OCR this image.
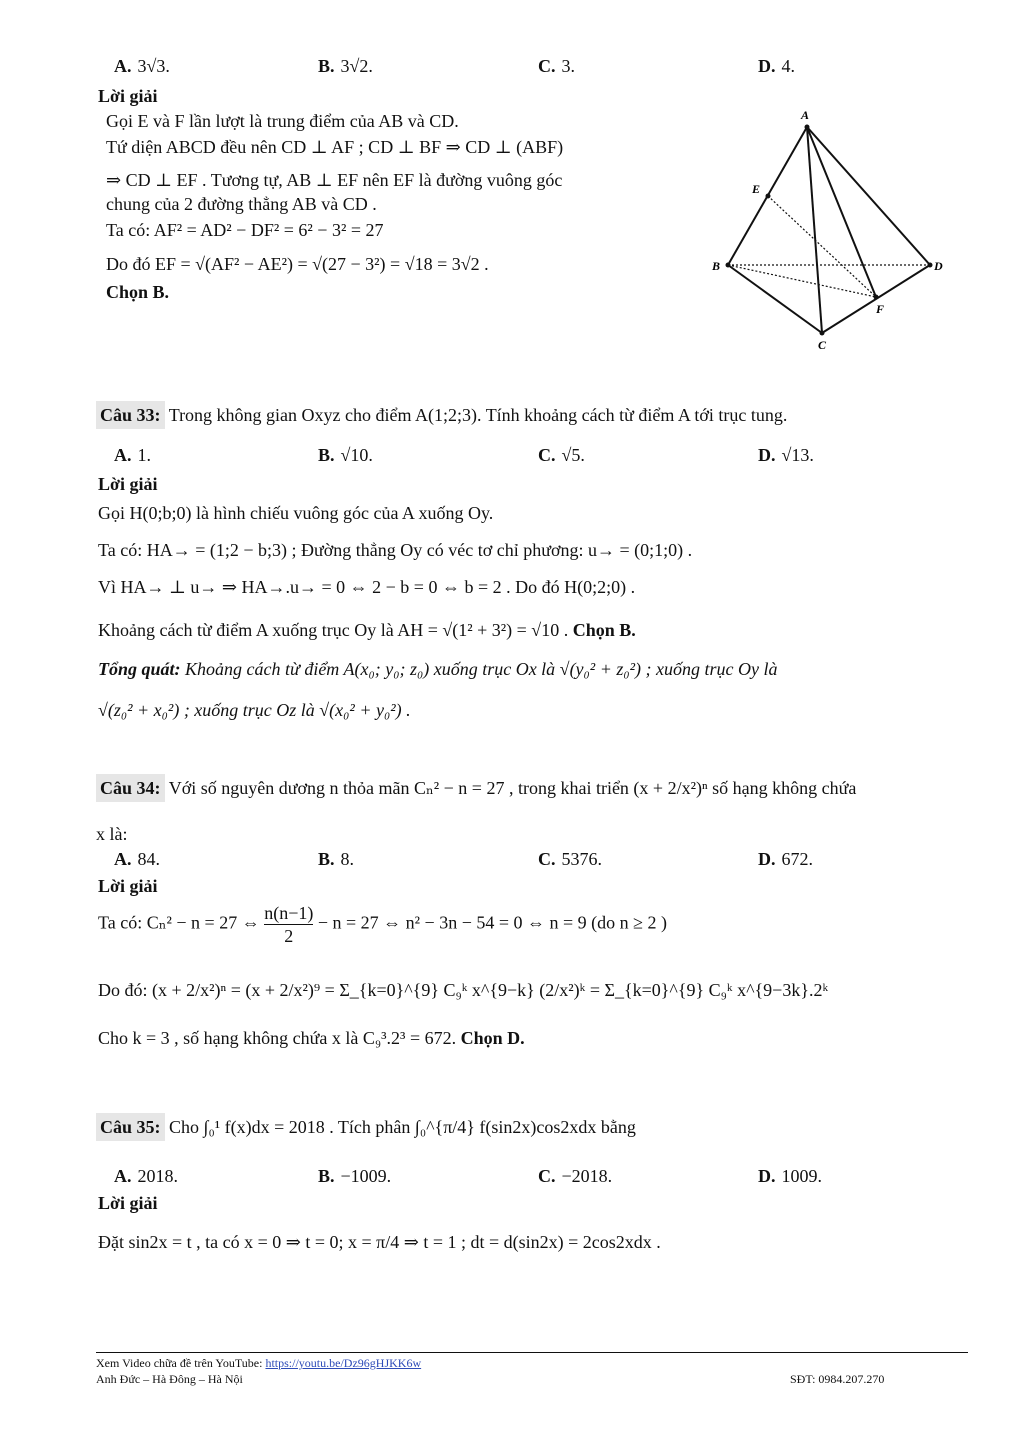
A. 3√3.	B. 3√2.	C. 3.	D. 4.
Lời giải
Gọi E và F lần lượt là trung điểm của AB và CD.
Tứ diện ABCD đều nên CD ⊥ AF ; CD ⊥ BF ⇒ CD ⊥ (ABF)
⇒ CD ⊥ EF . Tương tự, AB ⊥ EF nên EF là đường vuông góc
chung của 2 đường thẳng AB và CD .
Ta có: AF² = AD² − DF² = 6² − 3² = 27
Do đó EF = √(AF² − AE²) = √(27 − 3²) = √18 = 3√2 .
Chọn B.
A
E
B	D
F
C
Câu 33: Trong không gian Oxyz cho điểm A(1;2;3). Tính khoảng cách từ điểm A tới trục tung.
A. 1.	B. √10.	C. √5.	D. √13.
Lời giải
Gọi H(0;b;0) là hình chiếu vuông góc của A xuống Oy.
Ta có: HA→ = (1;2 − b;3) ; Đường thẳng Oy có véc tơ chỉ phương: u→ = (0;1;0) .
Vì HA→ ⊥ u→ ⇒ HA→.u→ = 0 ⇔ 2 − b = 0 ⇔ b = 2 . Do đó H(0;2;0) .
Khoảng cách từ điểm A xuống trục Oy là AH = √(1² + 3²) = √10 . Chọn B.
Tổng quát: Khoảng cách từ điểm A(x₀; y₀; z₀) xuống trục Ox là √(y₀² + z₀²) ; xuống trục Oy là
√(z₀² + x₀²) ; xuống trục Oz là √(x₀² + y₀²) .
Câu 34: Với số nguyên dương n thỏa mãn Cₙ² − n = 27 , trong khai triển (x + 2/x²)ⁿ số hạng không chứa
x là:
A. 84.	B. 8.	C. 5376.	D. 672.
Lời giải
Ta có: Cₙ² − n = 27 ⇔ $\frac{n(n-1)}{2} - n = 27$ ⇔ n² − 3n − 54 = 0 ⇔ n = 9 (do n ≥ 2 )
Do đó: (x + 2/x²)ⁿ = (x + 2/x²)⁹ = Σ_{k=0}^{9} C₉ᵏ x^{9−k} (2/x²)ᵏ = Σ_{k=0}^{9} C₉ᵏ x^{9−3k}.2ᵏ
Cho k = 3 , số hạng không chứa x là C₉³.2³ = 672. Chọn D.
Câu 35: Cho ∫₀¹ f(x)dx = 2018 . Tích phân ∫₀^{π/4} f(sin2x)cos2xdx bằng
A. 2018.	B. −1009.	C. −2018.	D. 1009.
Lời giải
Đặt sin2x = t , ta có x = 0 ⇒ t = 0; x = π/4 ⇒ t = 1 ; dt = d(sin2x) = 2cos2xdx .
Xem Video chữa đề trên YouTube: https://youtu.be/Dz96gHJKK6w
Anh Đức – Hà Đông – Hà Nội	SĐT: 0984.207.270
